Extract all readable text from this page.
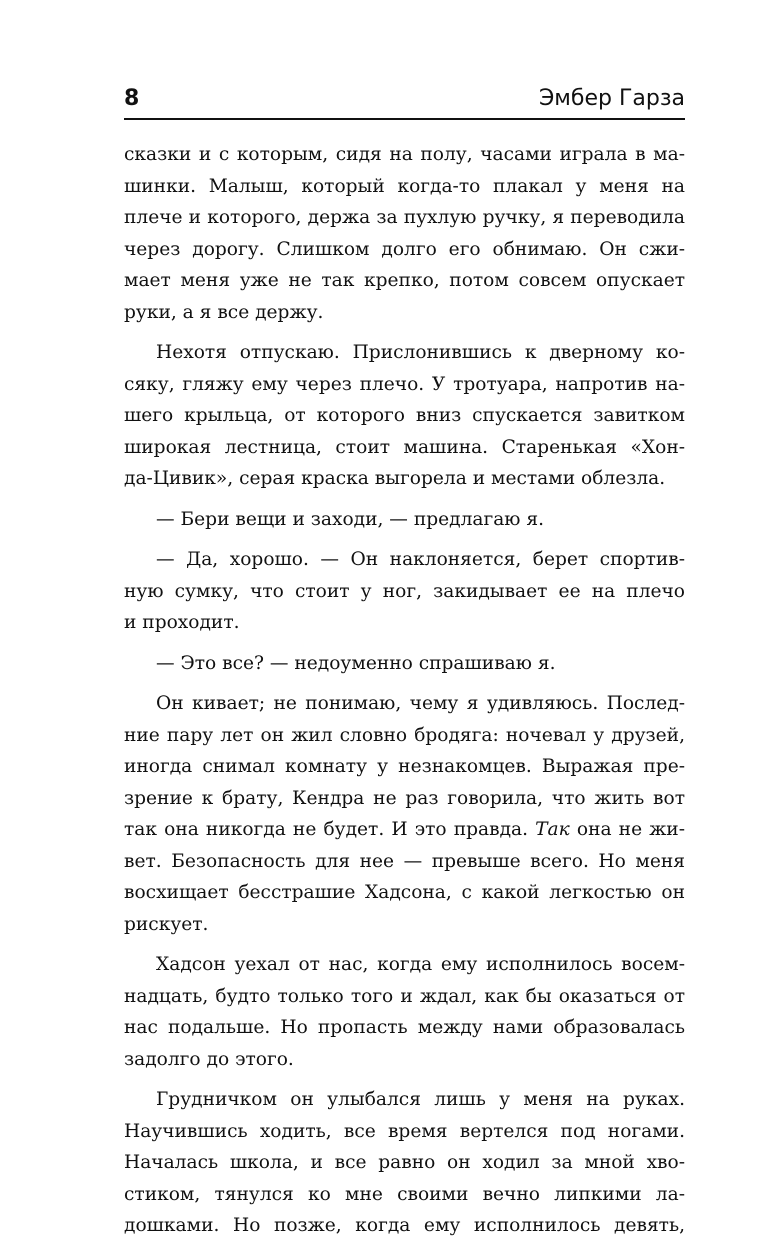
8	Эмбер Гарза

сказки и с которым, сидя на полу, часами играла в ма-
шинки. Малыш, который когда-то плакал у меня на
плече и которого, держа за пухлую ручку, я переводила
через дорогу. Слишком долго его обнимаю. Он сжи-
мает меня уже не так крепко, потом совсем опускает
руки, а я все держу.

Нехотя отпускаю. Прислонившись к дверному ко-
сяку, гляжу ему через плечо. У тротуара, напротив на-
шего крыльца, от которого вниз спускается завитком
широкая лестница, стоит машина. Старенькая «Хон-
да-Цивик», серая краска выгорела и местами облезла.

— Бери вещи и заходи, — предлагаю я.

— Да, хорошо. — Он наклоняется, берет спортив-
ную сумку, что стоит у ног, закидывает ее на плечо
и проходит.

— Это все? — недоуменно спрашиваю я.

Он кивает; не понимаю, чему я удивляюсь. Послед-
ние пару лет он жил словно бродяга: ночевал у друзей,
иногда снимал комнату у незнакомцев. Выражая пре-
зрение к брату, Кендра не раз говорила, что жить вот
так она никогда не будет. И это правда. Так она не жи-
вет. Безопасность для нее — превыше всего. Но меня
восхищает бесстрашие Хадсона, с какой легкостью он
рискует.

Хадсон уехал от нас, когда ему исполнилось восем-
надцать, будто только того и ждал, как бы оказаться от
нас подальше. Но пропасть между нами образовалась
задолго до этого.

Грудничком он улыбался лишь у меня на руках.
Научившись ходить, все время вертелся под ногами.
Началась школа, и все равно он ходил за мной хво-
стиком, тянулся ко мне своими вечно липкими ла-
дошками. Но позже, когда ему исполнилось девять,
